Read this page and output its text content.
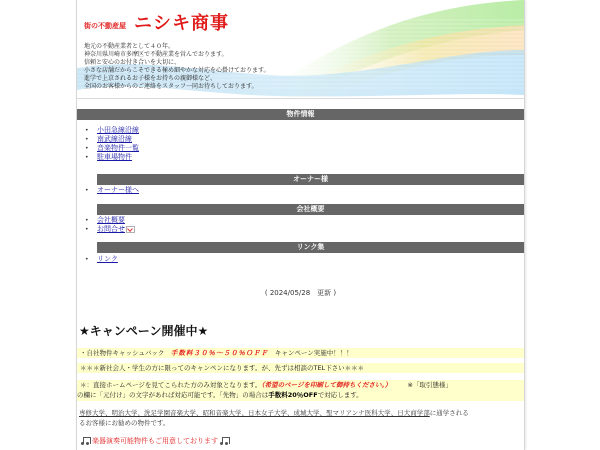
街の不動産屋 ニシキ商事
地元の不動産業者として４０年。
神奈川県川崎市多摩区で不動産業を営んでおります。
信頼と安心のお付き合いを大切に、
小さな店舗だからこそできる極め細やかな対応を心掛けております。
進学で上京されるお子様をお持ちの親御様など、
全国のお客様からのご連絡をスタッフ一同お待ちしております。
物件情報
• 小田急線沿線
• 南武線沿線
• 音楽物件一覧
• 駐車場物件
オーナー様
• オーナー様へ
会社概要
• 会社概要
• お問合せ
リンク集
• リンク
( 2024/05/28　更新 )
★キャンペーン開催中★
・自社物件キャッシュバック　手数料３０％～５０％ＯＦＦ　キャンペーン実施中！！！
＊＊＊新社会人・学生の方に限ってのキャンペンになります。が、先ずは相談のTEL下さい＊＊＊
＊：直接ホームページを見てこられた方のみ対象となります。（希望のページを印刷して御持ちください。）　　　※「取引態様」
の欄に「元付け」の文字があれば対応可能です。「先物」の場合は手数料20％OFFで対応します。
専修大学、明治大学、洗足学園音楽大学、昭和音楽大学、日本女子大学、成城大学、聖マリアンナ医科大学、日大商学部に通学される
るお客様にお勧めの物件です。
楽器演奏可能物件もご用意しております
